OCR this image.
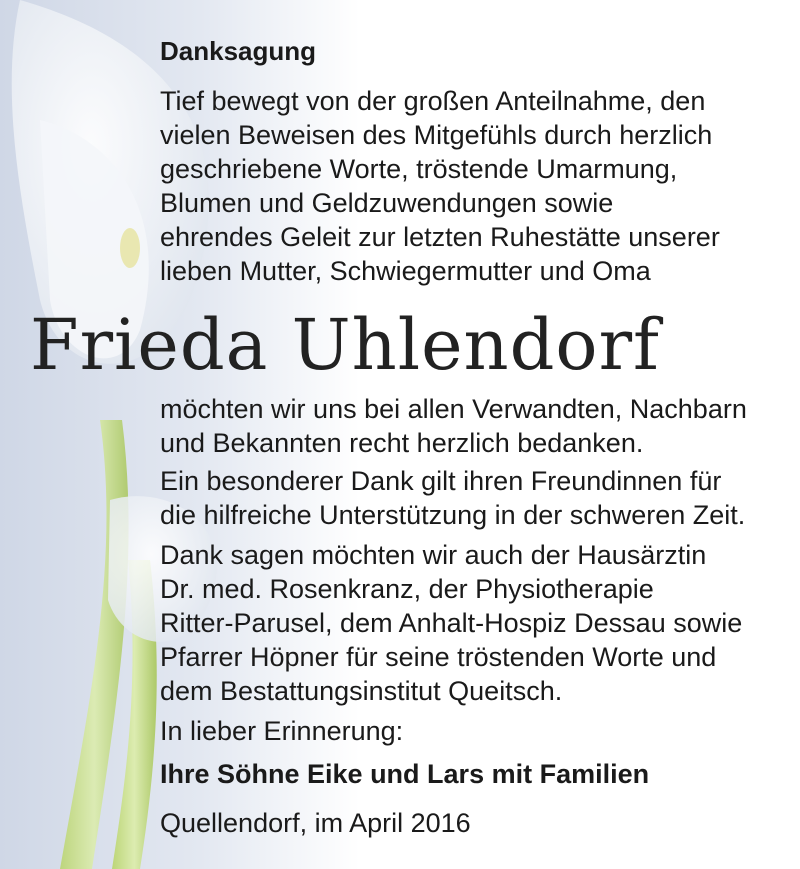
Danksagung
Tief bewegt von der großen Anteilnahme, den
vielen Beweisen des Mitgefühls durch herzlich
geschriebene Worte, tröstende Umarmung,
Blumen und Geldzuwendungen sowie
ehrendes Geleit zur letzten Ruhestätte unserer
lieben Mutter, Schwiegermutter und Oma
Frieda Uhlendorf
möchten wir uns bei allen Verwandten, Nachbarn
und Bekannten recht herzlich bedanken.
Ein besonderer Dank gilt ihren Freundinnen für
die hilfreiche Unterstützung in der schweren Zeit.
Dank sagen möchten wir auch der Hausärztin
Dr. med. Rosenkranz, der Physiotherapie
Ritter-Parusel, dem Anhalt-Hospiz Dessau sowie
Pfarrer Höpner für seine tröstenden Worte und
dem Bestattungsinstitut Queitsch.
In lieber Erinnerung:
Ihre Söhne Eike und Lars mit Familien
Quellendorf, im April 2016
